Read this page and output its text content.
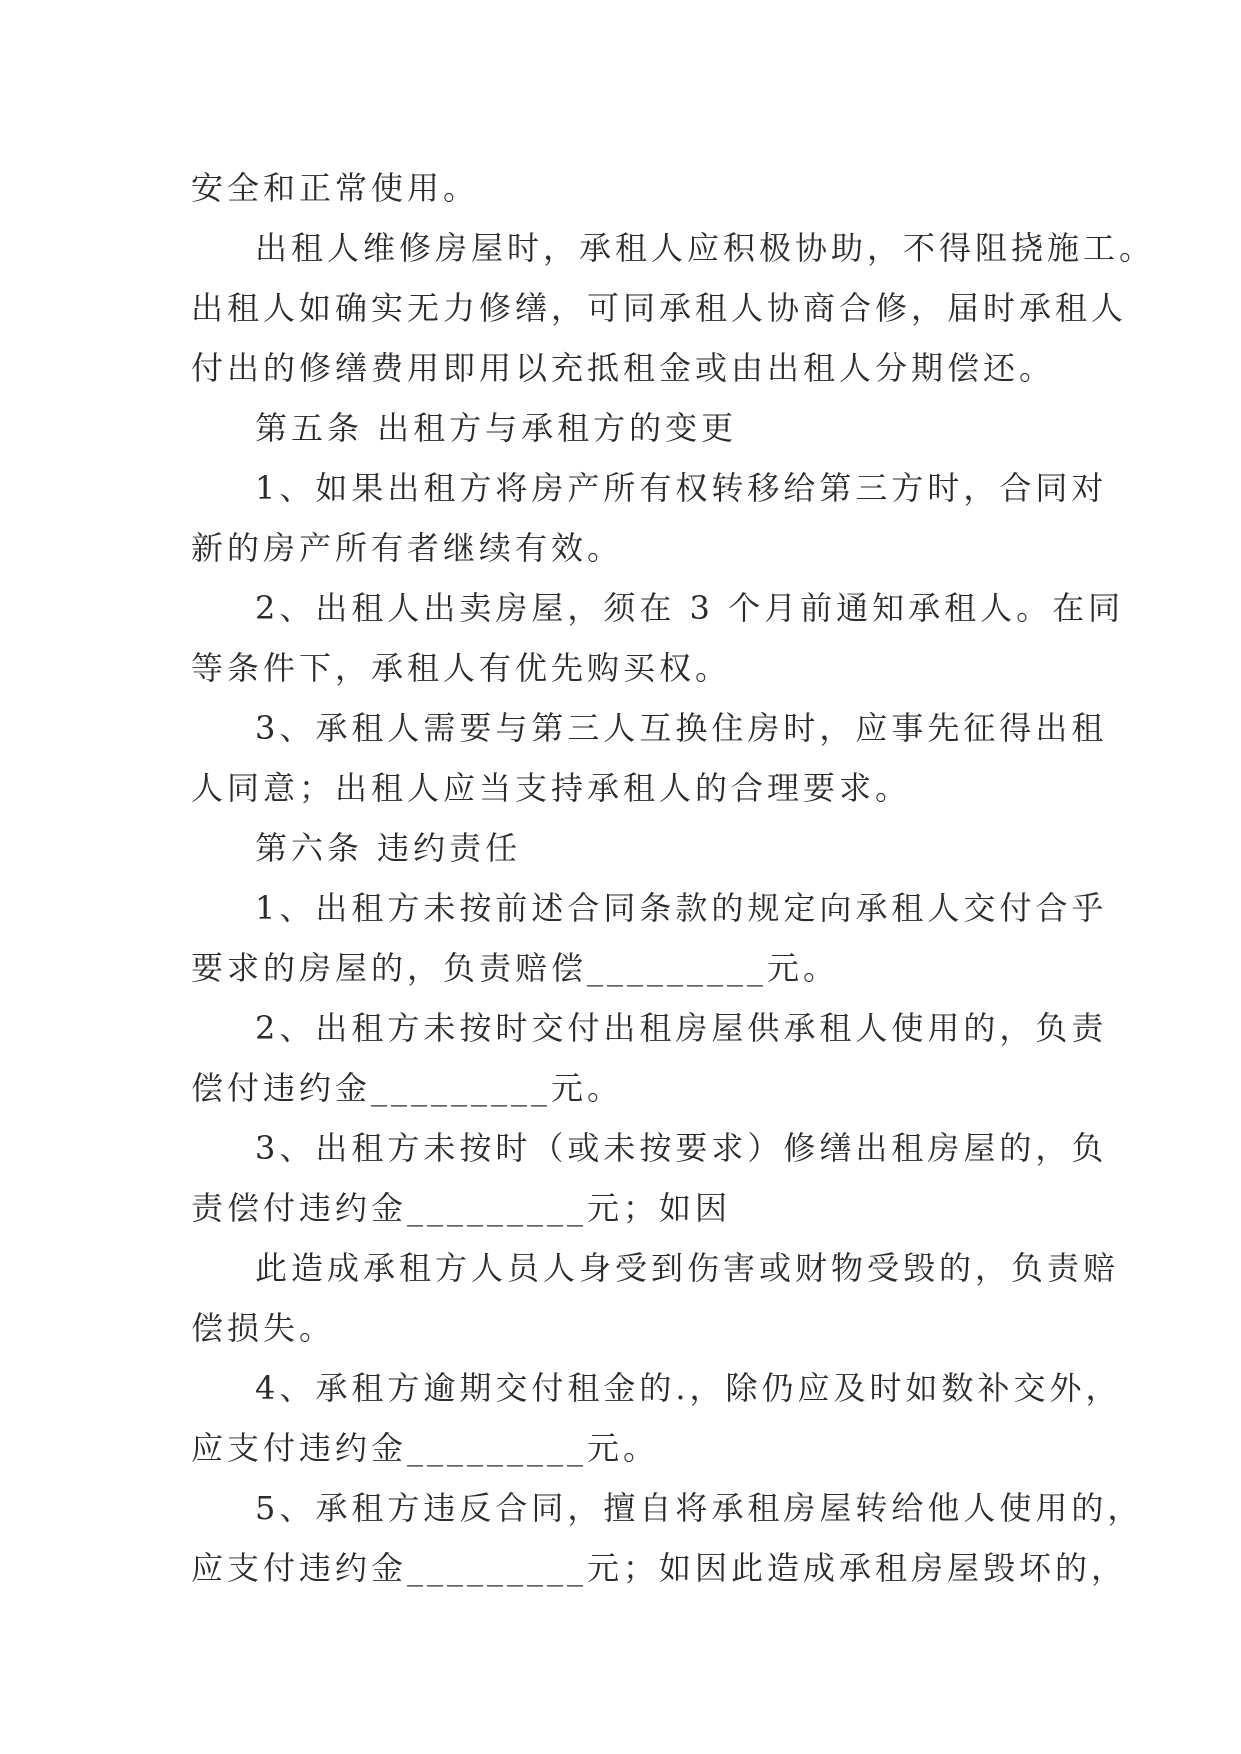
安全和正常使用。
出租人维修房屋时，承租人应积极协助，不得阻挠施工。
出租人如确实无力修缮，可同承租人协商合修，届时承租人
付出的修缮费用即用以充抵租金或由出租人分期偿还。
第五条 出租方与承租方的变更
1、如果出租方将房产所有权转移给第三方时，合同对
新的房产所有者继续有效。
2、出租人出卖房屋，须在 3 个月前通知承租人。在同
等条件下，承租人有优先购买权。
3、承租人需要与第三人互换住房时，应事先征得出租
人同意；出租人应当支持承租人的合理要求。
第六条 违约责任
1、出租方未按前述合同条款的规定向承租人交付合乎
要求的房屋的，负责赔偿_________元。
2、出租方未按时交付出租房屋供承租人使用的，负责
偿付违约金_________元。
3、出租方未按时（或未按要求）修缮出租房屋的，负
责偿付违约金_________元；如因
此造成承租方人员人身受到伤害或财物受毁的，负责赔
偿损失。
4、承租方逾期交付租金的.，除仍应及时如数补交外，
应支付违约金_________元。
5、承租方违反合同，擅自将承租房屋转给他人使用的，
应支付违约金_________元；如因此造成承租房屋毁坏的，
